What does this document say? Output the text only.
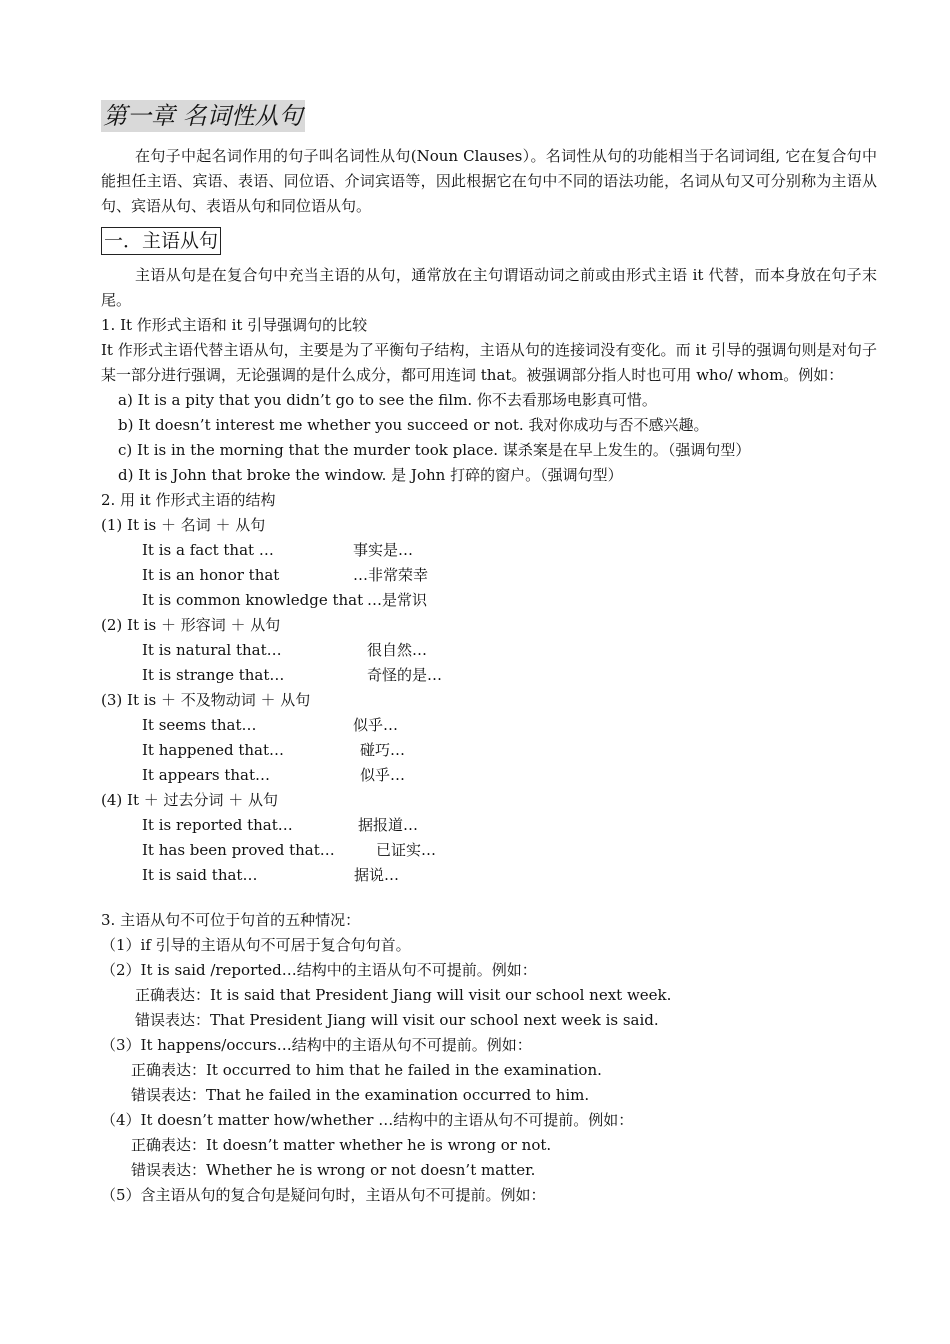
第一章 名词性从句

在句子中起名词作用的句子叫名词性从句(Noun Clauses）。名词性从句的功能相当于名词词组, 它在复合句中能担任主语、宾语、表语、同位语、介词宾语等，因此根据它在句中不同的语法功能，名词从句又可分别称为主语从句、宾语从句、表语从句和同位语从句。

一．主语从句

主语从句是在复合句中充当主语的从句，通常放在主句谓语动词之前或由形式主语 it 代替，而本身放在句子末尾。

1. It 作形式主语和 it 引导强调句的比较

It 作形式主语代替主语从句，主要是为了平衡句子结构，主语从句的连接词没有变化。而 it 引导的强调句则是对句子某一部分进行强调，无论强调的是什么成分，都可用连词 that。被强调部分指人时也可用 who/ whom。例如：

a) It is a pity that you didn’t go to see the film. 你不去看那场电影真可惜。
b) It doesn’t interest me whether you succeed or not. 我对你成功与否不感兴趣。
c) It is in the morning that the murder took place. 谋杀案是在早上发生的。（强调句型）
d) It is John that broke the window. 是 John 打碎的窗户。（强调句型）

2. 用 it 作形式主语的结构

(1) It is ＋ 名词 ＋ 从句
It is a fact that …	事实是…
It is an honor that	…非常荣幸
It is common knowledge that …是常识
(2) It is ＋ 形容词 ＋ 从句
It is natural that…	很自然…
It is strange that…	奇怪的是…
(3) It is ＋ 不及物动词 ＋ 从句
It seems that…	似乎…
It happened that…	碰巧…
It appears that…	似乎…
(4) It ＋ 过去分词 ＋ 从句
It is reported that…	据报道…
It has been proved that…	已证实…
It is said that…	据说…

3. 主语从句不可位于句首的五种情况：

（1）if 引导的主语从句不可居于复合句句首。
（2）It is said /reported…结构中的主语从句不可提前。例如：
正确表达：It is said that President Jiang will visit our school next week.
错误表达：That President Jiang will visit our school next week is said.
（3）It happens/occurs…结构中的主语从句不可提前。例如：
正确表达：It occurred to him that he failed in the examination.
错误表达：That he failed in the examination occurred to him.
（4）It doesn’t matter how/whether …结构中的主语从句不可提前。例如：
正确表达：It doesn’t matter whether he is wrong or not.
错误表达：Whether he is wrong or not doesn’t matter.
（5）含主语从句的复合句是疑问句时，主语从句不可提前。例如：
